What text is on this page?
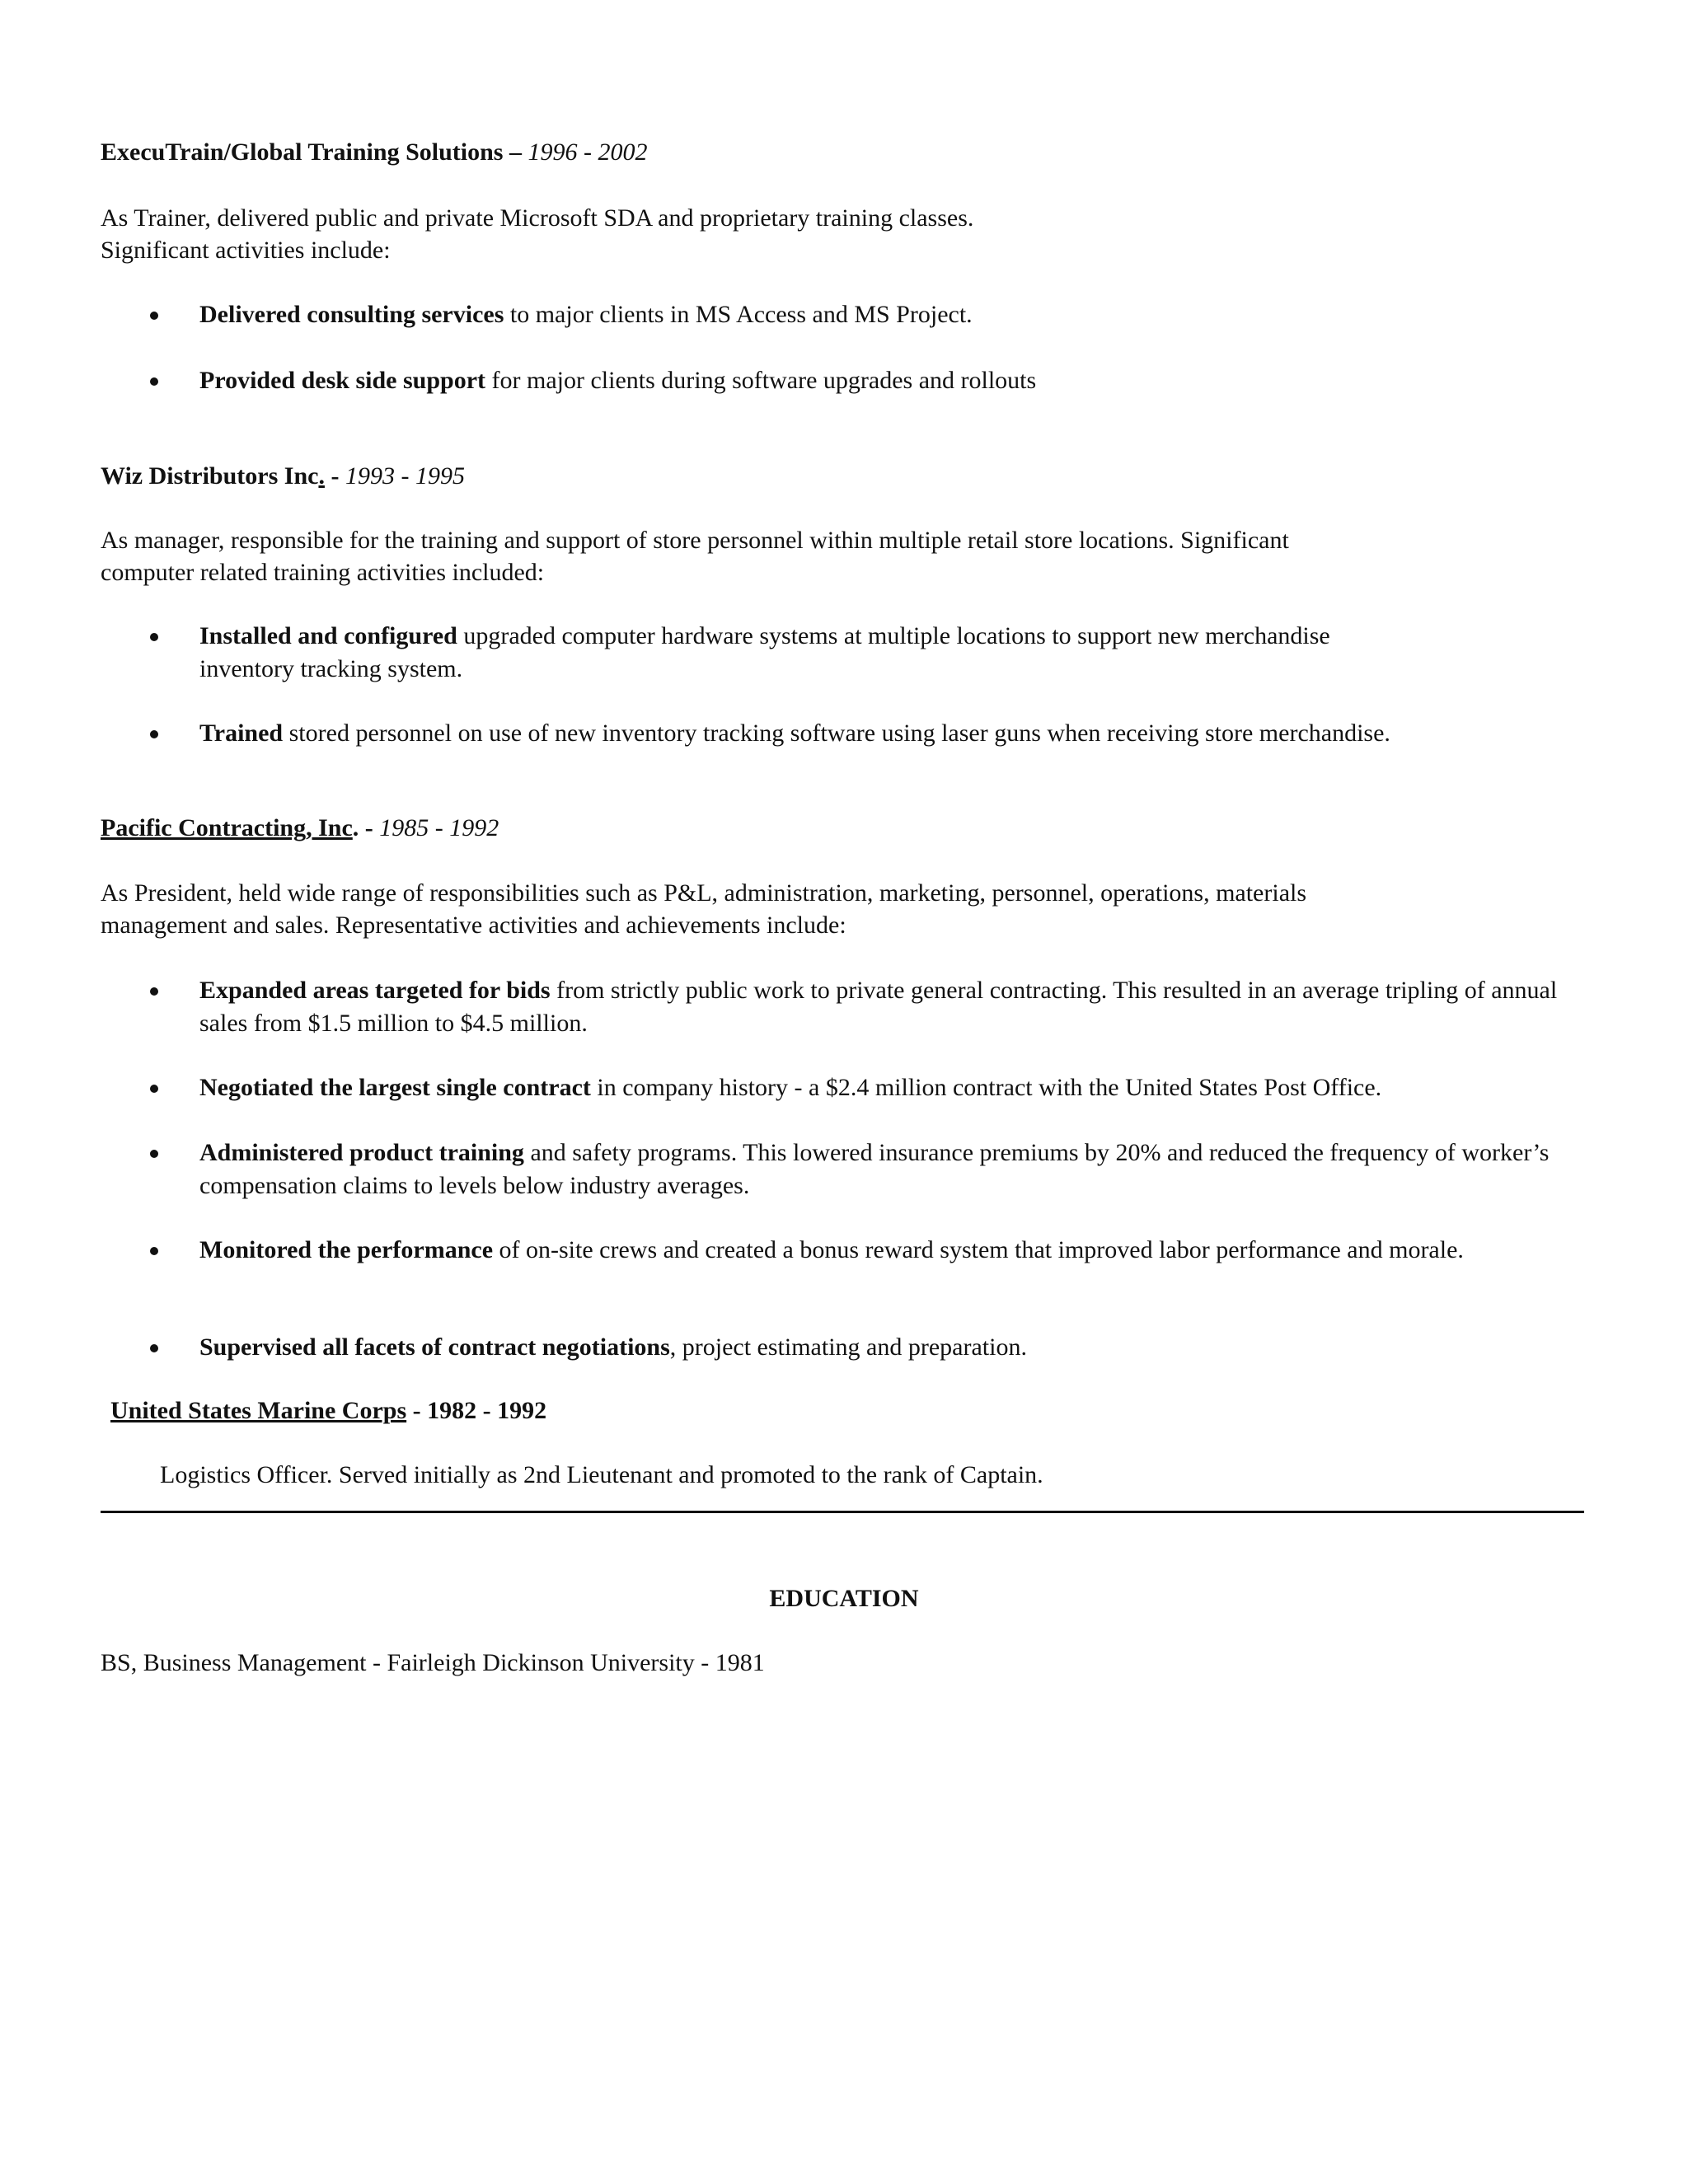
ExecuTrain/Global Training Solutions – 1996 - 2002
As Trainer, delivered public and private Microsoft SDA and proprietary training classes.
Significant activities include:
Delivered consulting services to major clients in MS Access and MS Project.
Provided desk side support for major clients during software upgrades and rollouts
Wiz Distributors Inc. - 1993 - 1995
As manager, responsible for the training and support of store personnel within multiple retail store locations. Significant
computer related training activities included:
Installed and configured upgraded computer hardware systems at multiple locations to support new merchandise inventory tracking system.
Trained stored personnel on use of new inventory tracking software using laser guns when receiving store merchandise.
Pacific Contracting, Inc. - 1985 - 1992
As President, held wide range of responsibilities such as P&L, administration, marketing, personnel, operations, materials
management and sales. Representative activities and achievements include:
Expanded areas targeted for bids from strictly public work to private general contracting. This resulted in an average tripling of annual sales from $1.5 million to $4.5 million.
Negotiated the largest single contract in company history - a $2.4 million contract with the United States Post Office.
Administered product training and safety programs. This lowered insurance premiums by 20% and reduced the frequency of worker’s compensation claims to levels below industry averages.
Monitored the performance of on-site crews and created a bonus reward system that improved labor performance and morale.
Supervised all facets of contract negotiations, project estimating and preparation.
United States Marine Corps - 1982 - 1992
Logistics Officer. Served initially as 2nd Lieutenant and promoted to the rank of Captain.
EDUCATION
BS, Business Management - Fairleigh Dickinson University - 1981
